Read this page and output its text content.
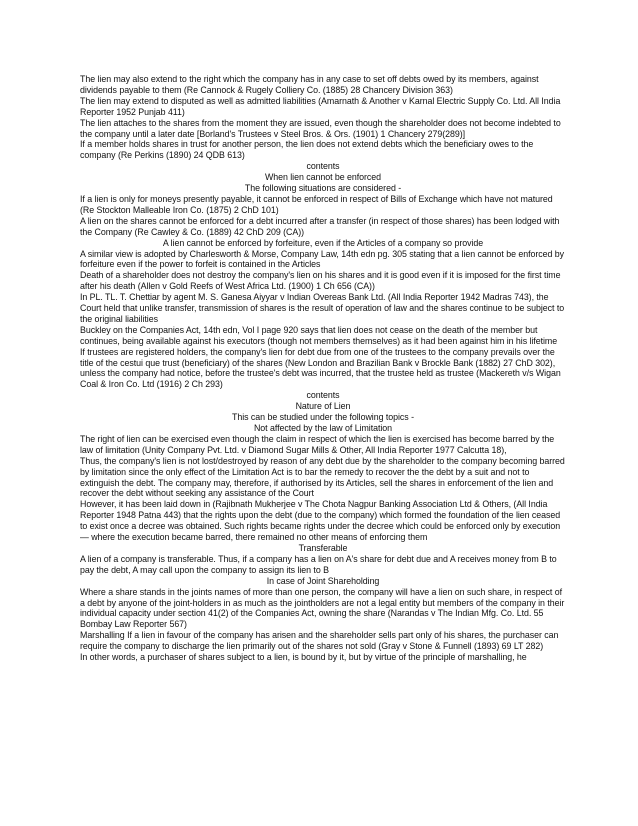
The lien may also extend to the right which the company has in any case to set off debts owed by its members, against dividends payable to them (Re Cannock & Rugely Colliery Co. (1885) 28 Chancery Division 363)

The lien may extend to disputed as well as admitted liabilities (Amarnath & Another v Karnal Electric Supply Co. Ltd. All India Reporter 1952 Punjab 411)

The lien attaches to the shares from the moment they are issued, even though the shareholder does not become indebted to the company until a later date [Borland's Trustees v Steel Bros. & Ors. (1901) 1 Chancery 279(289)]

If a member holds shares in trust for another person, the lien does not extend debts which the beneficiary owes to the company (Re Perkins (1890) 24 QDB 613)

contents

When lien cannot be enforced

The following situations are considered -

If a lien is only for moneys presently payable, it cannot be enforced in respect of Bills of Exchange which have not matured (Re Stockton Malleable Iron Co. (1875) 2 ChD 101)

A lien on the shares cannot be enforced for a debt incurred after a transfer (in respect of those shares) has been lodged with the Company (Re Cawley & Co. (1889) 42 ChD 209 (CA))

A lien cannot be enforced by forfeiture, even if the Articles of a company so provide

A similar view is adopted by Charlesworth & Morse, Company Law, 14th edn pg. 305 stating that a lien cannot be enforced by forfeiture even if the power to forfeit is contained in the Articles

Death of a shareholder does not destroy the company's lien on his shares and it is good even if it is imposed for the first time after his death (Allen v Gold Reefs of West Africa Ltd. (1900) 1 Ch 656 (CA))

In PL. TL. T. Chettiar by agent M. S. Ganesa Aiyyar v Indian Overeas Bank Ltd. (All India Reporter 1942 Madras 743), the Court held that unlike transfer, transmission of shares is the result of operation of law and the shares continue to be subject to the original liabilities

Buckley on the Companies Act, 14th edn, Vol I page 920 says that lien does not cease on the death of the member but continues, being available against his executors (though not members themselves) as it had been against him in his lifetime

If trustees are registered holders, the company's lien for debt due from one of the trustees to the company prevails over the title of the cestui que trust (beneficiary) of the shares (New London and Brazilian Bank v Brockle Bank (1882) 27 ChD 302), unless the company had notice, before the trustee's debt was incurred, that the trustee held as trustee (Mackereth v/s Wigan Coal & Iron Co. Ltd (1916) 2 Ch 293)

contents

Nature of Lien

This can be studied under the following topics -

Not affected by the law of Limitation

The right of lien can be exercised even though the claim in respect of which the lien is exercised has become barred by the law of limitation (Unity Company Pvt. Ltd. v Diamond Sugar Mills & Other, All India Reporter 1977 Calcutta 18),

Thus, the company's lien is not lost/destroyed by reason of any debt due by the shareholder to the company becoming barred by limitation since the only effect of the Limitation Act is to bar the remedy to recover the the debt by a suit and not to extinguish the debt. The company may, therefore, if authorised by its Articles, sell the shares in enforcement of the lien and recover the debt without seeking any assistance of the Court

However, it has been laid down in (Rajibnath Mukherjee v The Chota Nagpur Banking Association Ltd & Others, (All India Reporter 1948 Patna 443) that the rights upon the debt (due to the company) which formed the foundation of the lien ceased to exist once a decree was obtained. Such rights became rights under the decree which could be enforced only by execution — where the execution became barred, there remained no other means of enforcing them

Transferable

A lien of a company is transferable. Thus, if a company has a lien on A's share for debt due and A receives money from B to pay the debt, A may call upon the company to assign its lien to B

In case of Joint Shareholding

Where a share stands in the joints names of more than one person, the company will have a lien on such share, in respect of a debt by anyone of the joint-holders in as much as the jointholders are not a legal entity but members of the company in their individual capacity under section 41(2) of the Companies Act, owning the share (Narandas v The Indian Mfg. Co. Ltd. 55 Bombay Law Reporter 567)

Marshalling If a lien in favour of the company has arisen and the shareholder sells part only of his shares, the purchaser can require the company to discharge the lien primarily out of the shares not sold (Gray v Stone & Funnell (1893) 69 LT 282)

In other words, a purchaser of shares subject to a lien, is bound by it, but by virtue of the principle of marshalling, he
